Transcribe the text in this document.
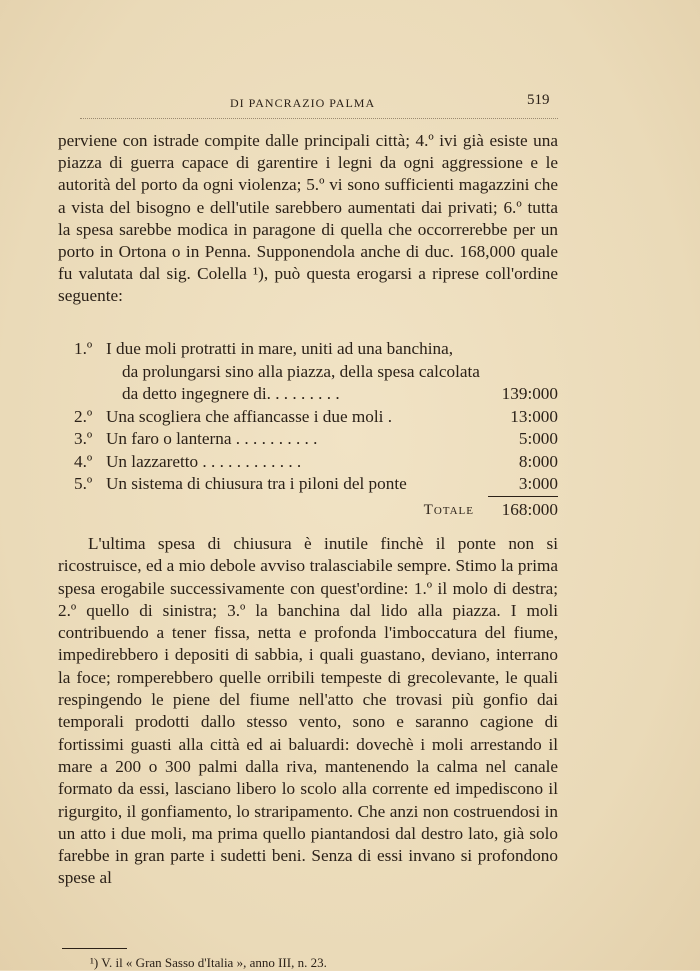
DI PANCRAZIO PALMA	519

perviene con istrade compite dalle principali città; 4.º ivi già esiste una piazza di guerra capace di garentire i legni da ogni aggressione e le autorità del porto da ogni violenza; 5.º vi sono sufficienti magazzini che a vista del bisogno e dell'utile sarebbero aumentati dai privati; 6.º tutta la spesa sarebbe modica in paragone di quella che occorrerebbe per un porto in Ortona o in Penna. Supponendola anche di duc. 168,000 quale fu valutata dal sig. Colella ¹), può questa erogarsi a riprese coll'ordine seguente:

1.º I due moli protratti in mare, uniti ad una banchina,
da prolungarsi sino alla piazza, della spesa calcolata
da detto ingegnere di. . . . . . . . .	139:000
2.º Una scogliera che affiancasse i due moli .	13:000
3.º Un faro o lanterna . . . . . . . . . .	5:000
4.º Un lazzaretto . . . . . . . . . . . .	8:000
5.º Un sistema di chiusura tra i piloni del ponte	3:000
Totale	168:000

L'ultima spesa di chiusura è inutile finchè il ponte non si ricostruisce, ed a mio debole avviso tralasciabile sempre. Stimo la prima spesa erogabile successivamente con quest'ordine: 1.º il molo di destra; 2.º quello di sinistra; 3.º la banchina dal lido alla piazza. I moli contribuendo a tener fissa, netta e profonda l'imboccatura del fiume, impedirebbero i depositi di sabbia, i quali guastano, deviano, interrano la foce; romperebbero quelle orribili tempeste di grecolevante, le quali respingendo le piene del fiume nell'atto che trovasi più gonfio dai temporali prodotti dallo stesso vento, sono e saranno cagione di fortissimi guasti alla città ed ai baluardi: dovechè i moli arrestando il mare a 200 o 300 palmi dalla riva, mantenendo la calma nel canale formato da essi, lasciano libero lo scolo alla corrente ed impediscono il rigurgito, il gonfiamento, lo straripamento. Che anzi non costruendosi in un atto i due moli, ma prima quello piantandosi dal destro lato, già solo farebbe in gran parte i sudetti beni. Senza di essi invano si profondono spese al

¹) V. il « Gran Sasso d'Italia », anno III, n. 23.
